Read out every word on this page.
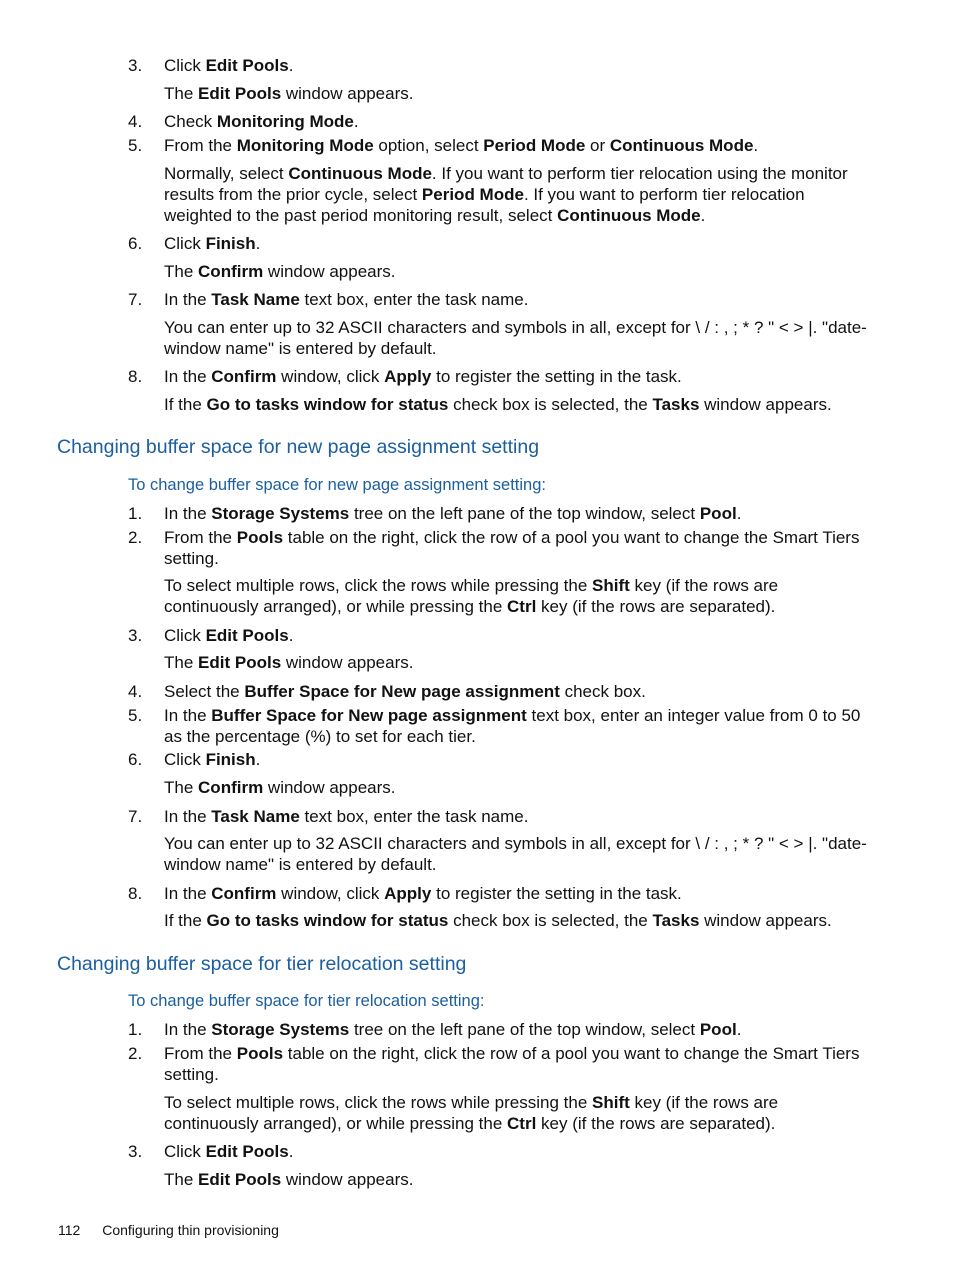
3.	Click Edit Pools.
The Edit Pools window appears.
4.	Check Monitoring Mode.
5.	From the Monitoring Mode option, select Period Mode or Continuous Mode.
Normally, select Continuous Mode. If you want to perform tier relocation using the monitor results from the prior cycle, select Period Mode. If you want to perform tier relocation weighted to the past period monitoring result, select Continuous Mode.
6.	Click Finish.
The Confirm window appears.
7.	In the Task Name text box, enter the task name.
You can enter up to 32 ASCII characters and symbols in all, except for \ / : , ; * ? " < > |. "date-window name" is entered by default.
8.	In the Confirm window, click Apply to register the setting in the task.
If the Go to tasks window for status check box is selected, the Tasks window appears.
Changing buffer space for new page assignment setting
To change buffer space for new page assignment setting:
1.	In the Storage Systems tree on the left pane of the top window, select Pool.
2.	From the Pools table on the right, click the row of a pool you want to change the Smart Tiers setting.
To select multiple rows, click the rows while pressing the Shift key (if the rows are continuously arranged), or while pressing the Ctrl key (if the rows are separated).
3.	Click Edit Pools.
The Edit Pools window appears.
4.	Select the Buffer Space for New page assignment check box.
5.	In the Buffer Space for New page assignment text box, enter an integer value from 0 to 50 as the percentage (%) to set for each tier.
6.	Click Finish.
The Confirm window appears.
7.	In the Task Name text box, enter the task name.
You can enter up to 32 ASCII characters and symbols in all, except for \ / : , ; * ? " < > |. "date-window name" is entered by default.
8.	In the Confirm window, click Apply to register the setting in the task.
If the Go to tasks window for status check box is selected, the Tasks window appears.
Changing buffer space for tier relocation setting
To change buffer space for tier relocation setting:
1.	In the Storage Systems tree on the left pane of the top window, select Pool.
2.	From the Pools table on the right, click the row of a pool you want to change the Smart Tiers setting.
To select multiple rows, click the rows while pressing the Shift key (if the rows are continuously arranged), or while pressing the Ctrl key (if the rows are separated).
3.	Click Edit Pools.
The Edit Pools window appears.
112 Configuring thin provisioning
